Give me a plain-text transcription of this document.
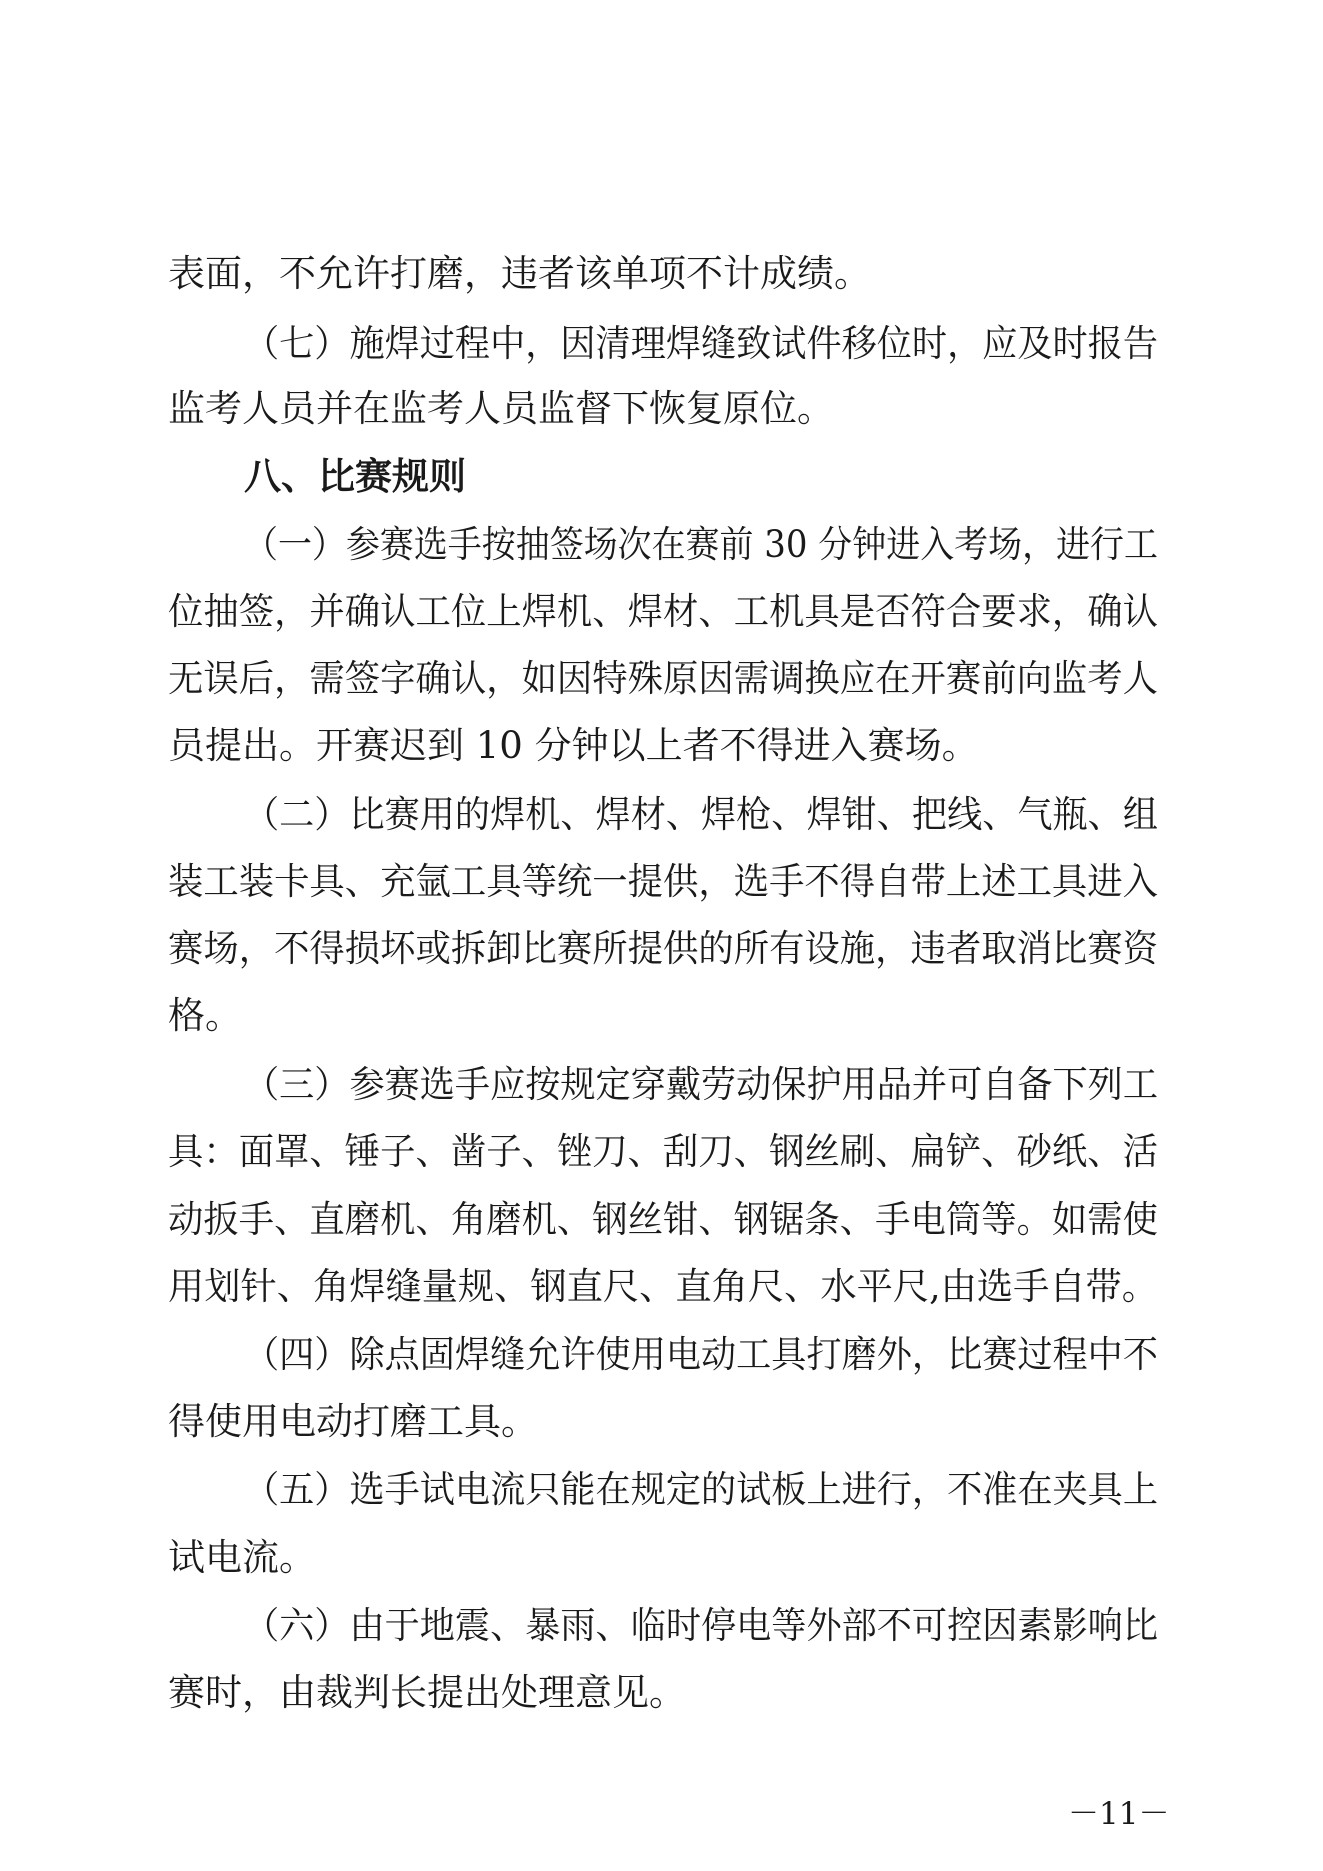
表面，不允许打磨，违者该单项不计成绩。
（七）施焊过程中，因清理焊缝致试件移位时，应及时报告
监考人员并在监考人员监督下恢复原位。
八、比赛规则
（一）参赛选手按抽签场次在赛前 30 分钟进入考场，进行工
位抽签，并确认工位上焊机、焊材、工机具是否符合要求，确认
无误后，需签字确认，如因特殊原因需调换应在开赛前向监考人
员提出。开赛迟到 10 分钟以上者不得进入赛场。
（二）比赛用的焊机、焊材、焊枪、焊钳、把线、气瓶、组
装工装卡具、充氩工具等统一提供，选手不得自带上述工具进入
赛场，不得损坏或拆卸比赛所提供的所有设施，违者取消比赛资
格。
（三）参赛选手应按规定穿戴劳动保护用品并可自备下列工
具：面罩、锤子、凿子、锉刀、刮刀、钢丝刷、扁铲、砂纸、活
动扳手、直磨机、角磨机、钢丝钳、钢锯条、手电筒等。如需使
用划针、角焊缝量规、钢直尺、直角尺、水平尺,由选手自带。
（四）除点固焊缝允许使用电动工具打磨外，比赛过程中不
得使用电动打磨工具。
（五）选手试电流只能在规定的试板上进行，不准在夹具上
试电流。
（六）由于地震、暴雨、临时停电等外部不可控因素影响比
赛时，由裁判长提出处理意见。
－11－
